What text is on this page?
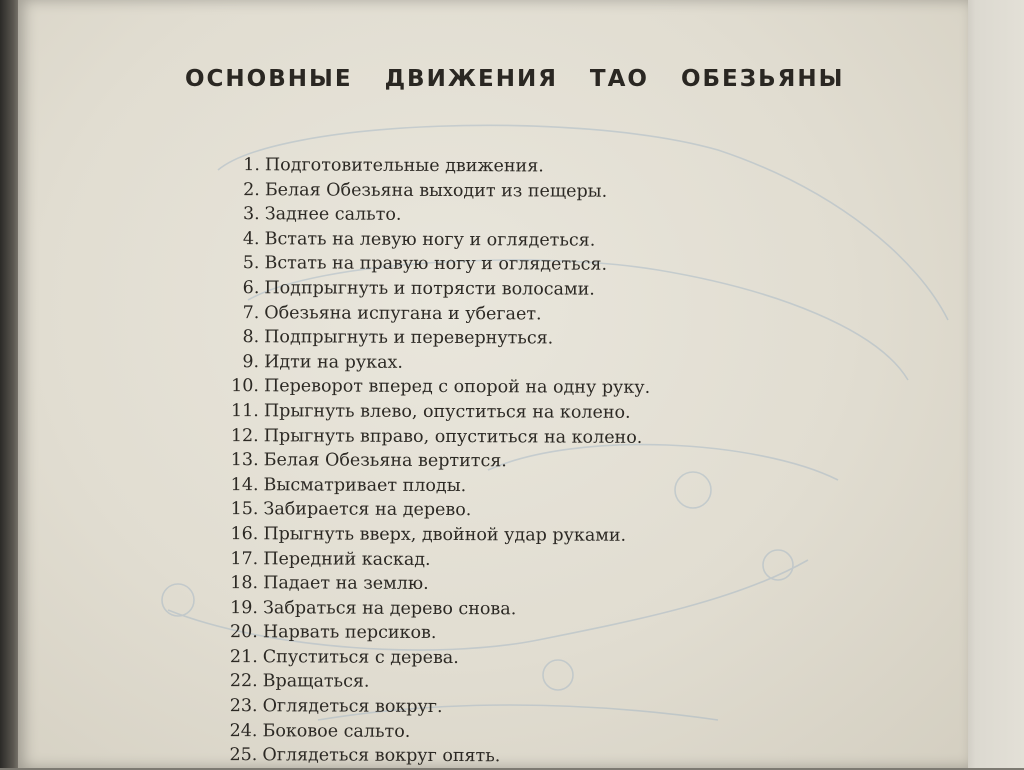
ОСНОВНЫЕ ДВИЖЕНИЯ ТАО ОБЕЗЬЯНЫ
1. Подготовительные движения.
2. Белая Обезьяна выходит из пещеры.
3. Заднее сальто.
4. Встать на левую ногу и оглядеться.
5. Встать на правую ногу и оглядеться.
6. Подпрыгнуть и потрясти волосами.
7. Обезьяна испугана и убегает.
8. Подпрыгнуть и перевернуться.
9. Идти на руках.
10. Переворот вперед с опорой на одну руку.
11. Прыгнуть влево, опуститься на колено.
12. Прыгнуть вправо, опуститься на колено.
13. Белая Обезьяна вертится.
14. Высматривает плоды.
15. Забирается на дерево.
16. Прыгнуть вверх, двойной удар руками.
17. Передний каскад.
18. Падает на землю.
19. Забраться на дерево снова.
20. Нарвать персиков.
21. Спуститься с дерева.
22. Вращаться.
23. Оглядеться вокруг.
24. Боковое сальто.
25. Оглядеться вокруг опять.
